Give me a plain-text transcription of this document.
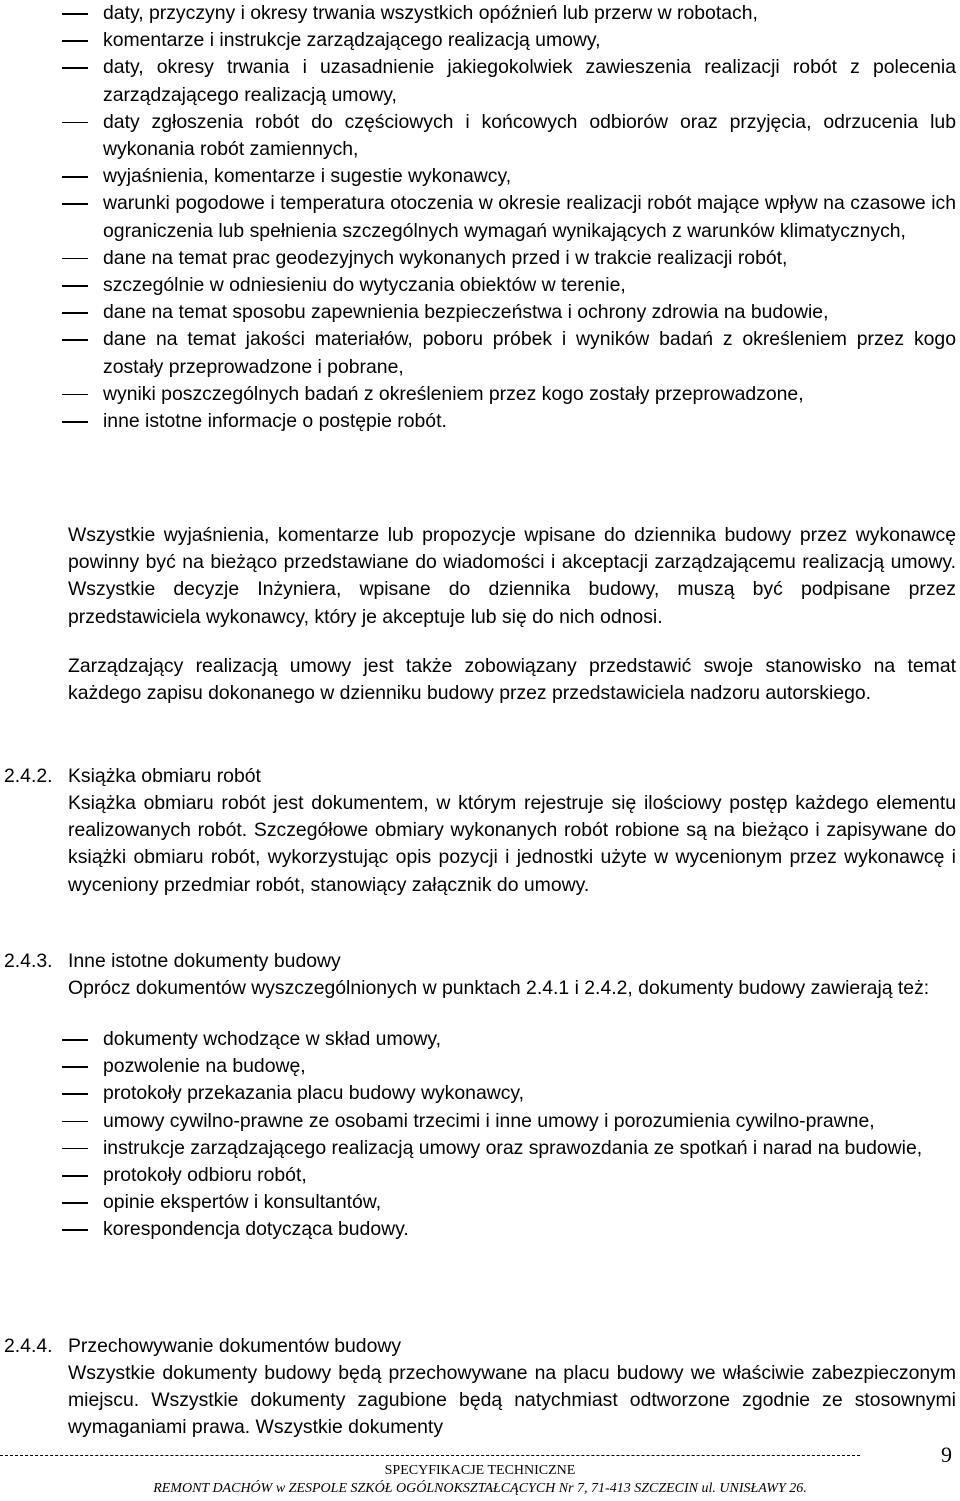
daty, przyczyny i okresy trwania wszystkich opóźnień lub przerw w robotach,
komentarze i instrukcje zarządzającego realizacją umowy,
daty, okresy trwania i uzasadnienie jakiegokolwiek zawieszenia realizacji robót z polecenia zarządzającego realizacją umowy,
daty zgłoszenia robót do częściowych i końcowych odbiorów oraz przyjęcia, odrzucenia lub wykonania robót zamiennych,
wyjaśnienia, komentarze i sugestie wykonawcy,
warunki pogodowe i temperatura otoczenia w okresie realizacji robót mające wpływ na czasowe ich ograniczenia lub spełnienia szczególnych wymagań wynikających z warunków klimatycznych,
dane na temat prac geodezyjnych wykonanych przed i w trakcie realizacji robót,
szczególnie w odniesieniu do wytyczania obiektów w terenie,
dane na temat sposobu zapewnienia bezpieczeństwa i ochrony zdrowia na budowie,
dane na temat jakości materiałów, poboru próbek i wyników badań z określeniem przez kogo zostały przeprowadzone i pobrane,
wyniki poszczególnych badań z określeniem przez kogo zostały przeprowadzone,
inne istotne informacje o postępie robót.

Wszystkie wyjaśnienia, komentarze lub propozycje wpisane do dziennika budowy przez wykonawcę powinny być na bieżąco przedstawiane do wiadomości i akceptacji zarządzającemu realizacją umowy. Wszystkie decyzje Inżyniera, wpisane do dziennika budowy, muszą być podpisane przez przedstawiciela wykonawcy, który je akceptuje lub się do nich odnosi.

Zarządzający realizacją umowy jest także zobowiązany przedstawić swoje stanowisko na temat każdego zapisu dokonanego w dzienniku budowy przez przedstawiciela nadzoru autorskiego.

2.4.2. Książka obmiaru robót

Książka obmiaru robót jest dokumentem, w którym rejestruje się ilościowy postęp każdego elementu realizowanych robót. Szczegółowe obmiary wykonanych robót robione są na bieżąco i zapisywane do książki obmiaru robót, wykorzystując opis pozycji i jednostki użyte w wycenionym przez wykonawcę i wyceniony przedmiar robót, stanowiący załącznik do umowy.

2.4.3. Inne istotne dokumenty budowy

Oprócz dokumentów wyszczególnionych w punktach 2.4.1 i 2.4.2, dokumenty budowy zawierają też:

dokumenty wchodzące w skład umowy,
pozwolenie na budowę,
protokoły przekazania placu budowy wykonawcy,
umowy cywilno-prawne ze osobami trzecimi i inne umowy i porozumienia cywilno-prawne,
instrukcje zarządzającego realizacją umowy oraz sprawozdania ze spotkań i narad na budowie,
protokoły odbioru robót,
opinie ekspertów i konsultantów,
korespondencja dotycząca budowy.

2.4.4. Przechowywanie dokumentów budowy

Wszystkie dokumenty budowy będą przechowywane na placu budowy we właściwie zabezpieczonym miejscu. Wszystkie dokumenty zagubione będą natychmiast odtworzone zgodnie ze stosownymi wymaganiami prawa. Wszystkie dokumenty

9
SPECYFIKACJE TECHNICZNE
REMONT DACHÓW w ZESPOLE SZKÓŁ OGÓLNOKSZTAŁCĄCYCH Nr 7, 71-413 SZCZECIN ul. UNISŁAWY 26.
